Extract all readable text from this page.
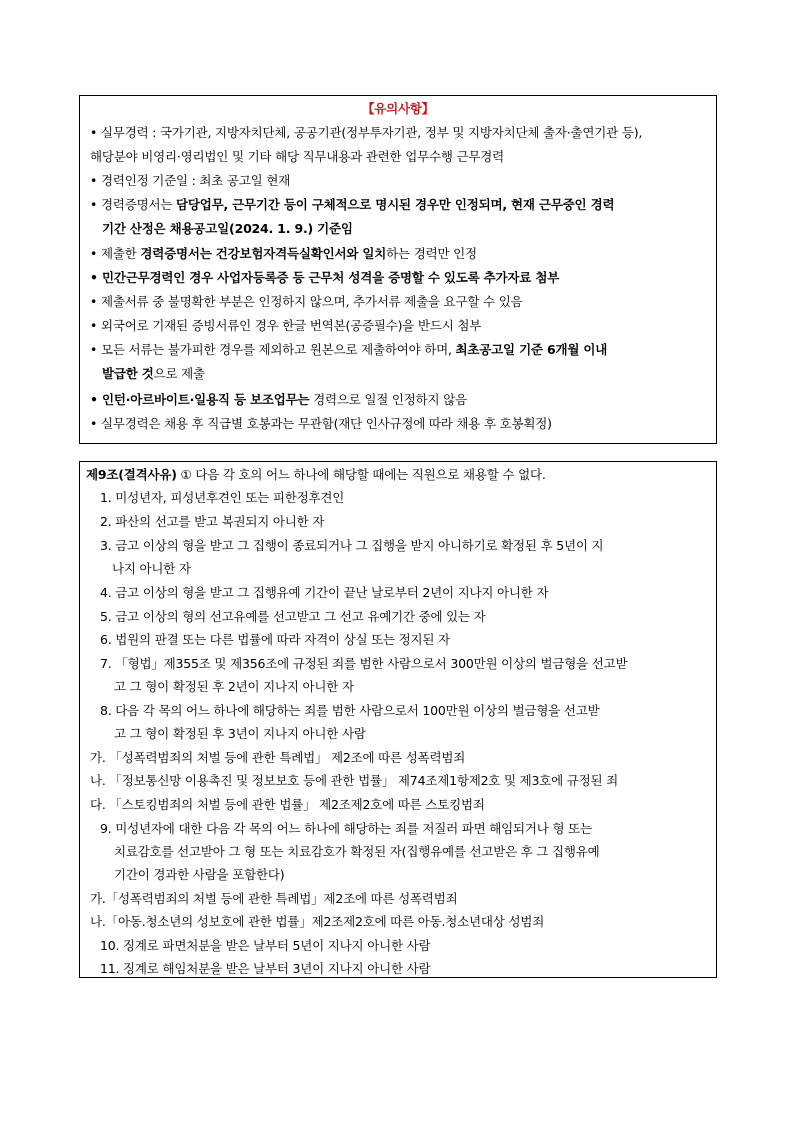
【유의사항】
• 실무경력 : 국가기관, 지방자치단체, 공공기관(정부투자기관, 정부 및 지방자치단체 출자·출연기관 등),
해당분야 비영리·영리법인 및 기타 해당 직무내용과 관련한 업무수행 근무경력
• 경력인정 기준일 : 최초 공고일 현재
• 경력증명서는 담당업무, 근무기간 등이 구체적으로 명시된 경우만 인정되며, 현재 근무중인 경력
기간 산정은 채용공고일(2024. 1. 9.) 기준임
• 제출한 경력증명서는 건강보험자격득실확인서와 일치하는 경력만 인정
• 민간근무경력인 경우 사업자등록증 등 근무처 성격을 증명할 수 있도록 추가자료 첨부
• 제출서류 중 불명확한 부분은 인정하지 않으며, 추가서류 제출을 요구할 수 있음
• 외국어로 기재된 증빙서류인 경우 한글 번역본(공증필수)을 반드시 첨부
• 모든 서류는 불가피한 경우를 제외하고 원본으로 제출하여야 하며, 최초공고일 기준 6개월 이내
발급한 것으로 제출
• 인턴·아르바이트·일용직 등 보조업무는 경력으로 일절 인정하지 않음
• 실무경력은 채용 후 직급별 호봉과는 무관함(재단 인사규정에 따라 채용 후 호봉획정)
제9조(결격사유) ① 다음 각 호의 어느 하나에 해당할 때에는 직원으로 채용할 수 없다.
1. 미성년자, 피성년후견인 또는 피한정후견인
2. 파산의 선고를 받고 복권되지 아니한 자
3. 금고 이상의 형을 받고 그 집행이 종료되거나 그 집행을 받지 아니하기로 확정된 후 5년이 지
나지 아니한 자
4. 금고 이상의 형을 받고 그 집행유예 기간이 끝난 날로부터 2년이 지나지 아니한 자
5. 금고 이상의 형의 선고유예를 선고받고 그 선고 유예기간 중에 있는 자
6. 법원의 판결 또는 다른 법률에 따라 자격이 상실 또는 정지된 자
7. 「형법」제355조 및 제356조에 규정된 죄를 범한 사람으로서 300만원 이상의 벌금형을 선고받
고 그 형이 확정된 후 2년이 지나지 아니한 자
8. 다음 각 목의 어느 하나에 해당하는 죄를 범한 사람으로서 100만원 이상의 벌금형을 선고받
고 그 형이 확정된 후 3년이 지나지 아니한 사람
가. 「성폭력범죄의 처벌 등에 관한 특례법」 제2조에 따른 성폭력범죄
나. 「정보통신망 이용촉진 및 정보보호 등에 관한 법률」 제74조제1항제2호 및 제3호에 규정된 죄
다. 「스토킹범죄의 처벌 등에 관한 법률」 제2조제2호에 따른 스토킹범죄
9. 미성년자에 대한 다음 각 목의 어느 하나에 해당하는 죄를 저질러 파면 해임되거나 형 또는
치료감호를 선고받아 그 형 또는 치료감호가 확정된 자(집행유예를 선고받은 후 그 집행유예
기간이 경과한 사람을 포함한다)
가.「성폭력범죄의 처벌 등에 관한 특례법」제2조에 따른 성폭력범죄
나.「아동.청소년의 성보호에 관한 법률」제2조제2호에 따른 아동.청소년대상 성범죄
10. 징계로 파면처분을 받은 날부터 5년이 지나지 아니한 사람
11. 징계로 해임처분을 받은 날부터 3년이 지나지 아니한 사람
